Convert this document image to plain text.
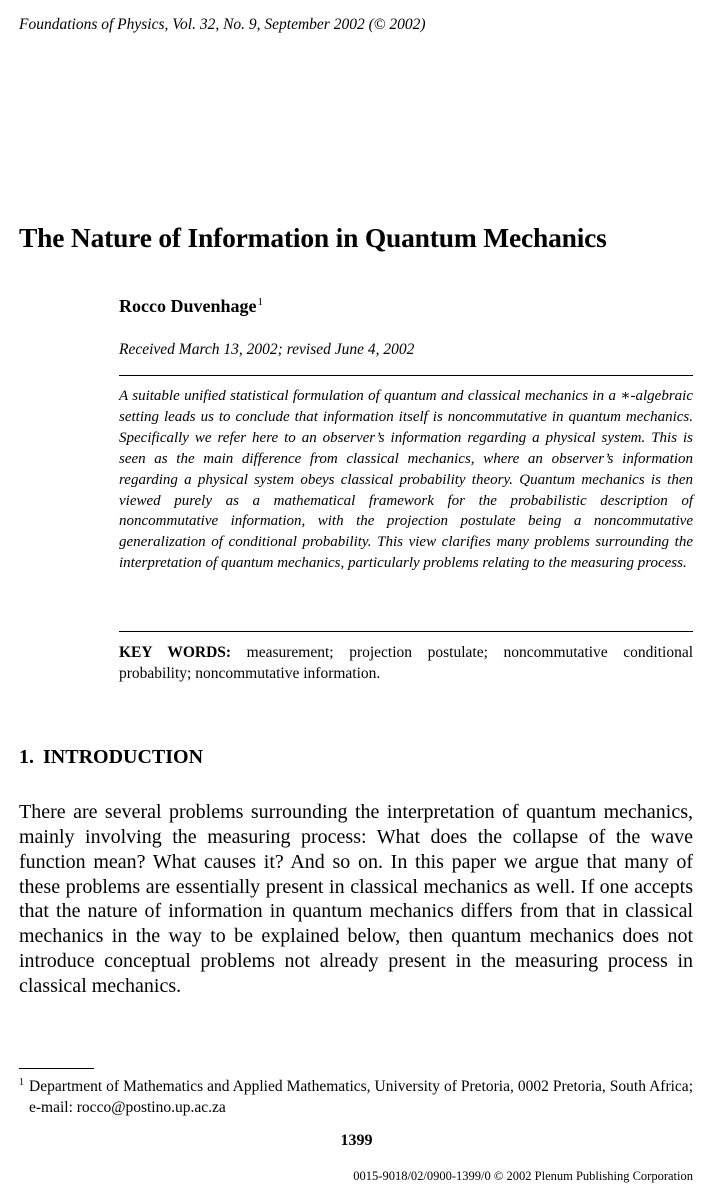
Foundations of Physics, Vol. 32, No. 9, September 2002 (© 2002)
The Nature of Information in Quantum Mechanics
Rocco Duvenhage$^1$
Received March 13, 2002; revised June 4, 2002
A suitable unified statistical formulation of quantum and classical mechanics in a ∗-algebraic setting leads us to conclude that information itself is noncommutative in quantum mechanics. Specifically we refer here to an observer’s information regarding a physical system. This is seen as the main difference from classical mechanics, where an observer’s information regarding a physical system obeys classical probability theory. Quantum mechanics is then viewed purely as a mathematical framework for the probabilistic description of noncommutative information, with the projection postulate being a noncommutative generalization of conditional probability. This view clarifies many problems surrounding the interpretation of quantum mechanics, particularly problems relating to the measuring process.
KEY WORDS: measurement; projection postulate; noncommutative conditional probability; noncommutative information.
1. INTRODUCTION
There are several problems surrounding the interpretation of quantum mechanics, mainly involving the measuring process: What does the collapse of the wave function mean? What causes it? And so on. In this paper we argue that many of these problems are essentially present in classical mechanics as well. If one accepts that the nature of information in quantum mechanics differs from that in classical mechanics in the way to be explained below, then quantum mechanics does not introduce conceptual problems not already present in the measuring process in classical mechanics.
1 Department of Mathematics and Applied Mathematics, University of Pretoria, 0002 Pretoria, South Africa; e-mail: rocco@postino.up.ac.za
1399
0015-9018/02/0900-1399/0 © 2002 Plenum Publishing Corporation
